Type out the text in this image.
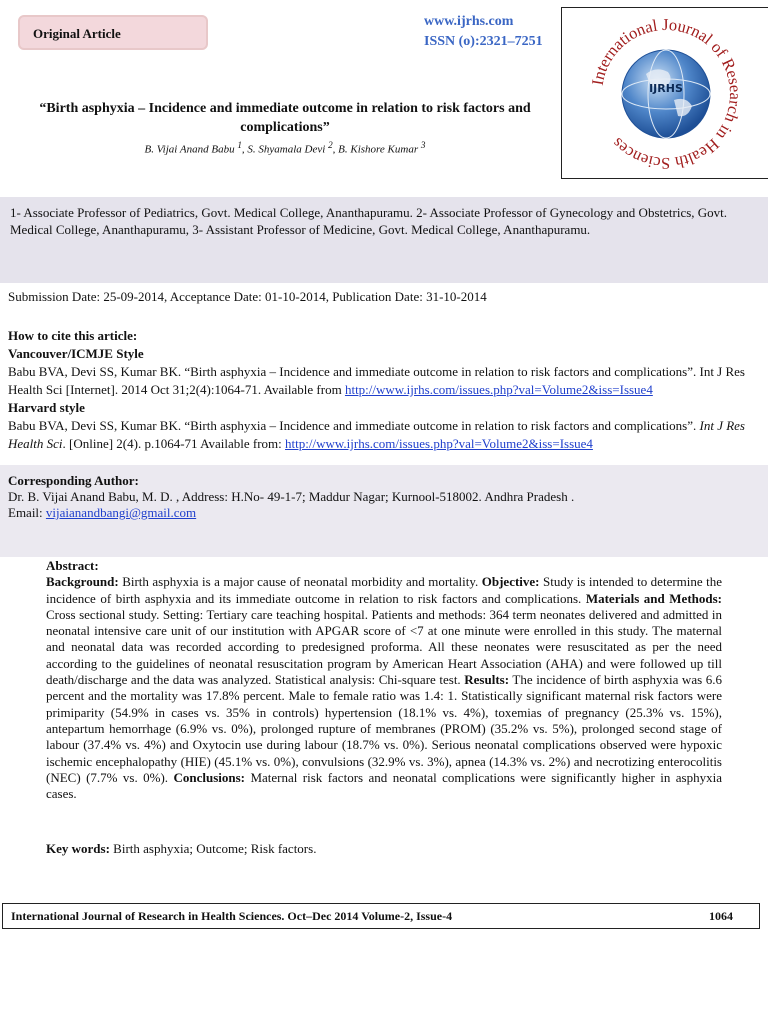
Original Article
www.ijrhs.com
ISSN (o):2321–7251
IJRHS
International Journal of Research in Health Sciences
“Birth asphyxia – Incidence and immediate outcome in relation to risk factors and complications”
B. Vijai Anand Babu $^1$, S. Shyamala Devi $^2$, B. Kishore Kumar $^3$
1- Associate Professor of Pediatrics, Govt. Medical College, Ananthapuramu. 2- Associate Professor of Gynecology and Obstetrics, Govt. Medical College, Ananthapuramu, 3- Assistant Professor of Medicine, Govt. Medical College, Ananthapuramu.
Submission Date: 25-09-2014, Acceptance Date: 01-10-2014, Publication Date: 31-10-2014

How to cite this article:

Vancouver/ICMJE Style

Babu BVA, Devi SS, Kumar BK. “Birth asphyxia – Incidence and immediate outcome in relation to risk factors and complications”. Int J Res Health Sci [Internet]. 2014 Oct 31;2(4):1064-71. Available from http://www.ijrhs.com/issues.php?val=Volume2&iss=Issue4

Harvard style

Babu BVA, Devi SS, Kumar BK. “Birth asphyxia – Incidence and immediate outcome in relation to risk factors and complications”. Int J Res Health Sci. [Online] 2(4). p.1064-71 Available from: http://www.ijrhs.com/issues.php?val=Volume2&iss=Issue4

Corresponding Author:

Dr. B. Vijai Anand Babu, M. D. , Address: H.No- 49-1-7; Maddur Nagar; Kurnool-518002. Andhra Pradesh .

Email: vijaianandbangi@gmail.com

Abstract:

Background: Birth asphyxia is a major cause of neonatal morbidity and mortality. Objective: Study is intended to determine the incidence of birth asphyxia and its immediate outcome in relation to risk factors and complications. Materials and Methods: Cross sectional study. Setting: Tertiary care teaching hospital. Patients and methods: 364 term neonates delivered and admitted in neonatal intensive care unit of our institution with APGAR score of <7 at one minute were enrolled in this study. The maternal and neonatal data was recorded according to predesigned proforma. All these neonates were resuscitated as per the need according to the guidelines of neonatal resuscitation program by American Heart Association (AHA) and were followed up till death/discharge and the data was analyzed. Statistical analysis: Chi-square test. Results: The incidence of birth asphyxia was 6.6 percent and the mortality was 17.8% percent. Male to female ratio was 1.4: 1. Statistically significant maternal risk factors were primiparity (54.9% in cases vs. 35% in controls) hypertension (18.1% vs. 4%), toxemias of pregnancy (25.3% vs. 15%), antepartum hemorrhage (6.9% vs. 0%), prolonged rupture of membranes (PROM) (35.2% vs. 5%), prolonged second stage of labour (37.4% vs. 4%) and Oxytocin use during labour (18.7% vs. 0%). Serious neonatal complications observed were hypoxic ischemic encephalopathy (HIE) (45.1% vs. 0%), convulsions (32.9% vs. 3%), apnea (14.3% vs. 2%) and necrotizing enterocolitis (NEC) (7.7% vs. 0%). Conclusions: Maternal risk factors and neonatal complications were significantly higher in asphyxia cases.

Key words: Birth asphyxia; Outcome; Risk factors.
International Journal of Research in Health Sciences. Oct–Dec 2014 Volume-2, Issue-4	1064
